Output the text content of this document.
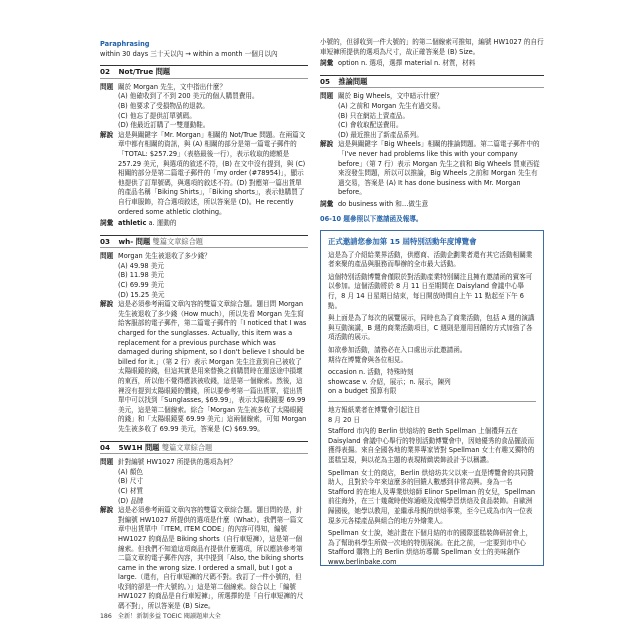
Paraphrasing
within 30 days 三十天以內 → within a month 一個月以內
02 Not/True 問題
問題 關於 Morgan 先生，文中指出什麼？
(A) 他確收到了不到 200 美元的個人購買費用。
(B) 他要求了受損物品的退款。
(C) 他忘了提供訂單號碼。
(D) 他最近訂購了一雙運動鞋。
解說 這是與關鍵字「Mr. Morgan」相關的 Not/True 問題。在兩篇文章中都有相關的資訊，與 (A) 相關的部分是第一篇電子郵件的「TOTAL: $257.29」（表格最後一行），表示收取的總額是 257.29 美元，與選項的敘述不符，(B) 在文中沒有提到，與 (C) 相關的部分是第二篇電子郵件的「my order (#78954)」，顯示他提供了訂單號碼，與選項的敘述不符。(D) 對應第一篇出貨單的產品名稱「Biking Shirts」，「Biking shorts」，表示他購買了自行車服飾，符合選項敘述，所以答案是 (D)。He recently ordered some athletic clothing。
詞彙 athletic a. 運動的
03 wh- 問題 雙篇文章綜合題
問題 Morgan 先生被退收了多少錢？
(A) 49.98 美元
(B) 11.98 美元
(C) 69.99 美元
(D) 15.25 美元
解說 這是必須參考兩篇文章內容的雙篇文章綜合題。題目問 Morgan 先生被退收了多少錢（How much），所以先看 Morgan 先生寫給客服部的電子郵件，第二篇電子郵件的「I noticed that I was charged for the sunglasses. Actually, this item was a replacement for a previous purchase which was damaged during shipment, so I don't believe I should be billed for it.」（第 2 行）表示 Morgan 先生注意到自己被收了太陽眼鏡的錢，但這其實是用來替換之前購買時在運送途中損壞的東西，所以他不覺得應該被收錢，這是第一個線索。然後，這裡沒有提到太陽眼鏡的價錢，所以要參考第一篇出貨單，從出貨單中可以找到「Sunglasses, $69.99」，表示太陽眼鏡要 69.99 美元，這是第二個線索。綜合「Morgan 先生被多收了太陽眼鏡的錢」和「太陽眼鏡要 69.99 美元」這兩個線索，可知 Morgan 先生被多收了 69.99 美元，答案是 (C) $69.99。
04 5W1H 問題 雙篇文章綜合題
問題 針對編號 HW1027 所提供的選項為何？
(A) 顏色
(B) 尺寸
(C) 材質
(D) 品牌
解說 這是必須參考兩篇文章內容的雙篇文章綜合題。題目問的是，針對編號 HW1027 所提供的選項是什麼（What）。我們第一篇文章中出貨單中「ITEM, ITEM CODE」的內容可得知，編號 HW1027 的商品是 Biking shorts（自行車短褲），這是第一個線索。但我們不知道這項商品有提供什麼選項，所以應該參考第二篇文章的電子郵件內容，其中提到「Also, the biking shorts came in the wrong size. I ordered a small, but I got a large.（還有，自行車短褲的尺碼不對。我訂了一件小號的，但收到的卻是一件大號的。）」這是第二個線索。綜合以上「編號 HW1027 的商品是自行車短褲」，所選擇的是「自行車短褲的尺碼不對」，所以答案是 (B) Size。
小號的，但卻收到一件大號的」的第二個線索可推知，編號 HW1027 的自行車短褲所提供的選項為尺寸，故正確答案是 (B) Size。
詞彙 option n. 選項，選擇 material n. 材質，材料
05 推論問題
問題 關於 Big Wheels，文中暗示什麼？
(A) 之前和 Morgan 先生有過交易。
(B) 只在網站上賣產品。
(C) 會收取配送費用。
(D) 最近推出了新產品系列。
解說 這是與關鍵字「Big Wheels」相關的推論問題。第二篇電子郵件中的「I've never had problems like this with your company before」（第 7 行）表示 Morgan 先生之前和 Big Wheels 買東西從來沒發生問題，所以可以推論，Big Wheels 之前和 Morgan 先生有過交易，答案是 (A) It has done business with Mr. Morgan before。
詞彙 do business with 和…做生意
06-10 題參照以下邀請函及報導。
正式邀請您參加第 15 屆特別活動年度博覽會

這是為了介紹給業界活動，供應商、活動企劃業者還有其它活動相關業者來聚的產品與服務而舉辦的全市最大活動。

這個特別活動博覽會僅限於對活動產業特別關注且擁有邀請函的賓客可以參加。這個活動將於 8 月 11 日至期間在 Daisyland 會議中心舉行，8 月 14 日星期日結束，每日開放時間自上午 11 點起至下午 6 點。

與上面是為了每次的展覽展示，同時也為了商業活動，包括 A 週的演講與互動演講，B 週的商業活動項目，C 週則是運用回饋的方式加強了各項活動的展示。

如欲參加活動，請務必在入口處出示此邀請函。

期待在博覽會與各位相見。

occasion n. 活動，特殊時刻
showcase v. 介紹，展示；n. 展示，陳列
on a budget 預算有限
地方報紙業者在博覽會引起注目
8 月 20 日

Stafford 市內的 Berlin 烘焙坊的 Beth Spellman 上個禮拜五在 Daisyland 會議中心舉行的特別活動博覽會中，因她優秀的食品擺設而獲得表揚。來自全國各地的業界專家皆對 Spellman 女士有趣又獨特的蛋糕呈現，與以花為主題的表現精緻裝飾設計予以稱讚。

Spellman 女士的商店，Berlin 烘焙坊共父以來一直是博覽會的共同贊助人，且對於今年來這麼多的回饋人數感到非常高興。身為一名 Stafford 的在地人及專業烘焙師 Elinor Spellman 的女兒，Spellman 前往海外，在三十幾歲時使妳通曉及流暢學習烘焙及食品裝飾。自歐洲歸國後，她學以教用，並繼承母親的烘焙事業，至今已成為市內一位表現多元各樣產品與組合的地方外燴業人。

Spellman 女士說，她計畫在下個月結的市的國際蛋糕裝飾研討會上，為了幫助料學生所做一次地的特別展演。在此之前，一定要到市中心 Stafford 購物上的 Berlin 烘焙坊導購 Spellman 女士的美味創作 www.berlinbake.com

186 全新！新制多益 TOEIC 閱讀題庫大全
